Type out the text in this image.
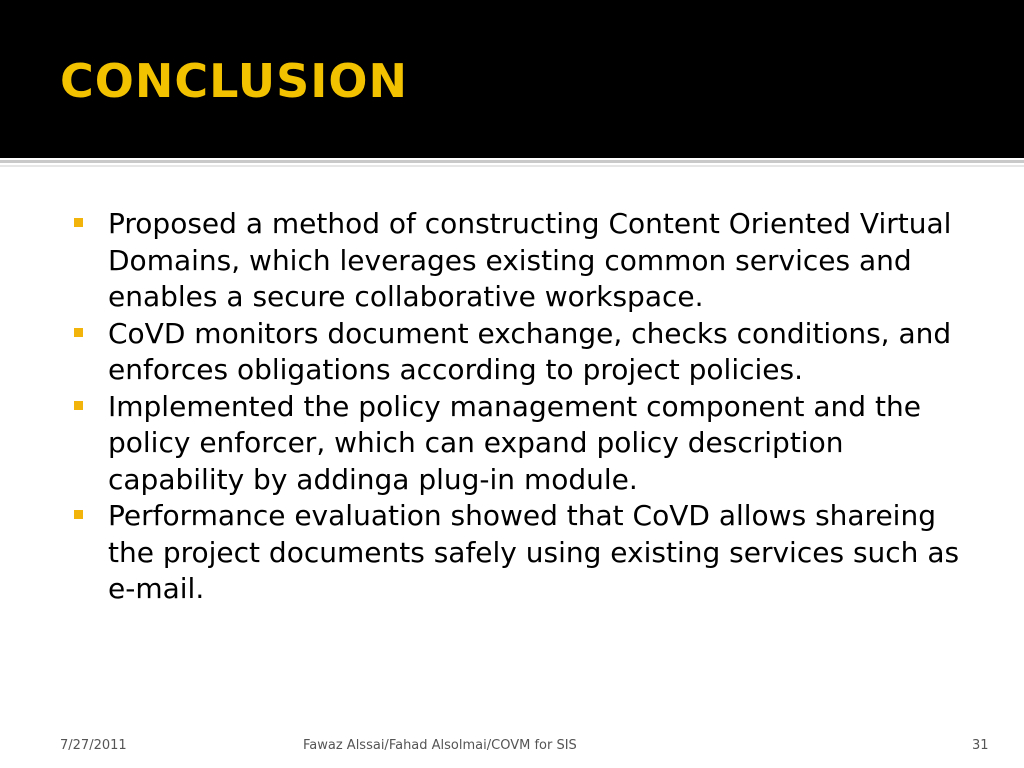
CONCLUSION
Proposed a method of constructing Content Oriented Virtual Domains, which leverages existing common services and enables a secure collaborative workspace.
CoVD monitors document exchange, checks conditions, and enforces obligations according to project policies.
Implemented the policy management component and the policy enforcer, which can expand policy description capability by addinga plug-in module.
Performance evaluation showed that CoVD allows shareing the project documents safely using existing services such as e-mail.
7/27/2011	Fawaz Alssai/Fahad Alsolmai/COVM for SIS	31
